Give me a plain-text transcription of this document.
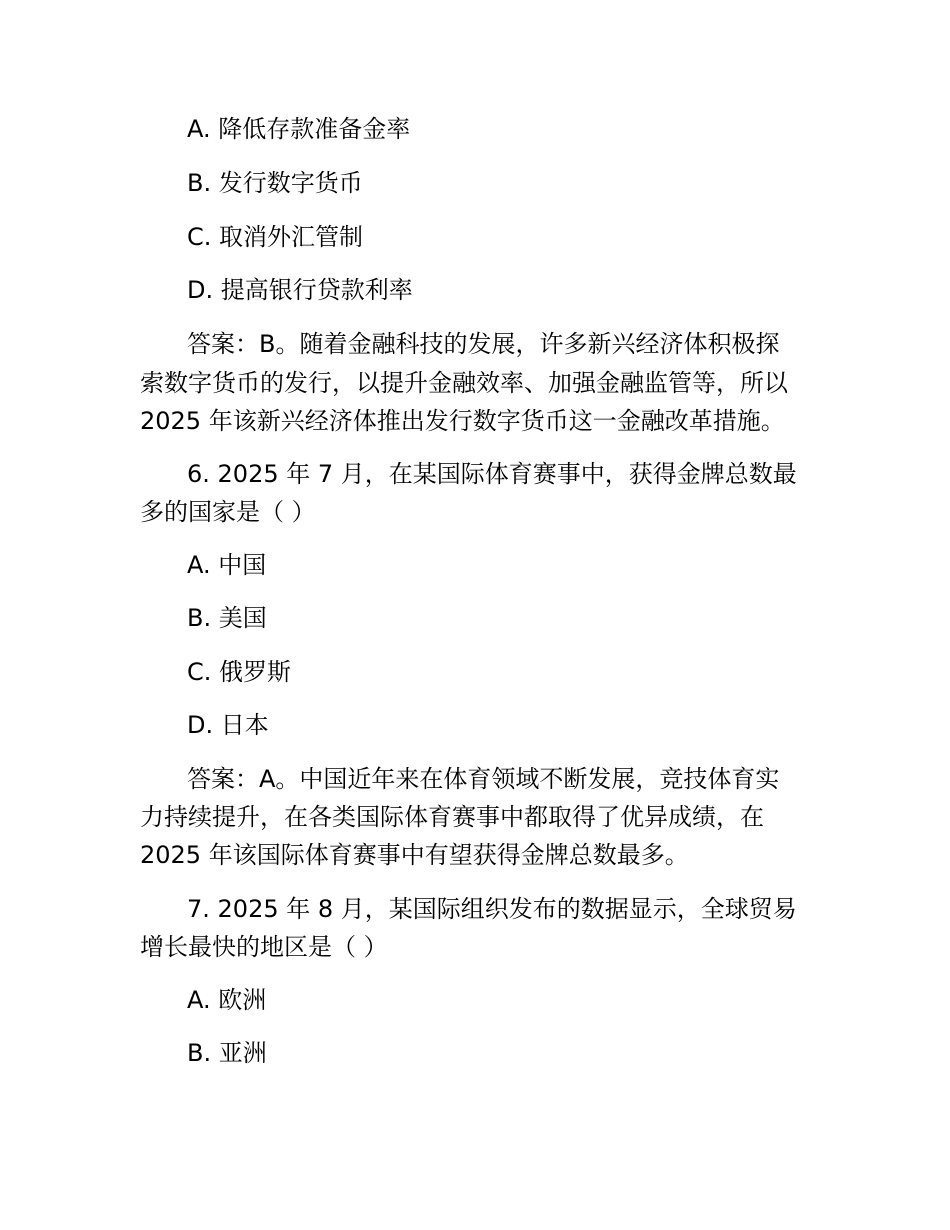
A. 降低存款准备金率
B. 发行数字货币
C. 取消外汇管制
D. 提高银行贷款利率
答案：B。随着金融科技的发展，许多新兴经济体积极探
索数字货币的发行，以提升金融效率、加强金融监管等，所以
2025 年该新兴经济体推出发行数字货币这一金融改革措施。
6. 2025 年 7 月，在某国际体育赛事中，获得金牌总数最
多的国家是（ ）
A. 中国
B. 美国
C. 俄罗斯
D. 日本
答案：A。中国近年来在体育领域不断发展，竞技体育实
力持续提升，在各类国际体育赛事中都取得了优异成绩，在
2025 年该国际体育赛事中有望获得金牌总数最多。
7. 2025 年 8 月，某国际组织发布的数据显示，全球贸易
增长最快的地区是（ ）
A. 欧洲
B. 亚洲
